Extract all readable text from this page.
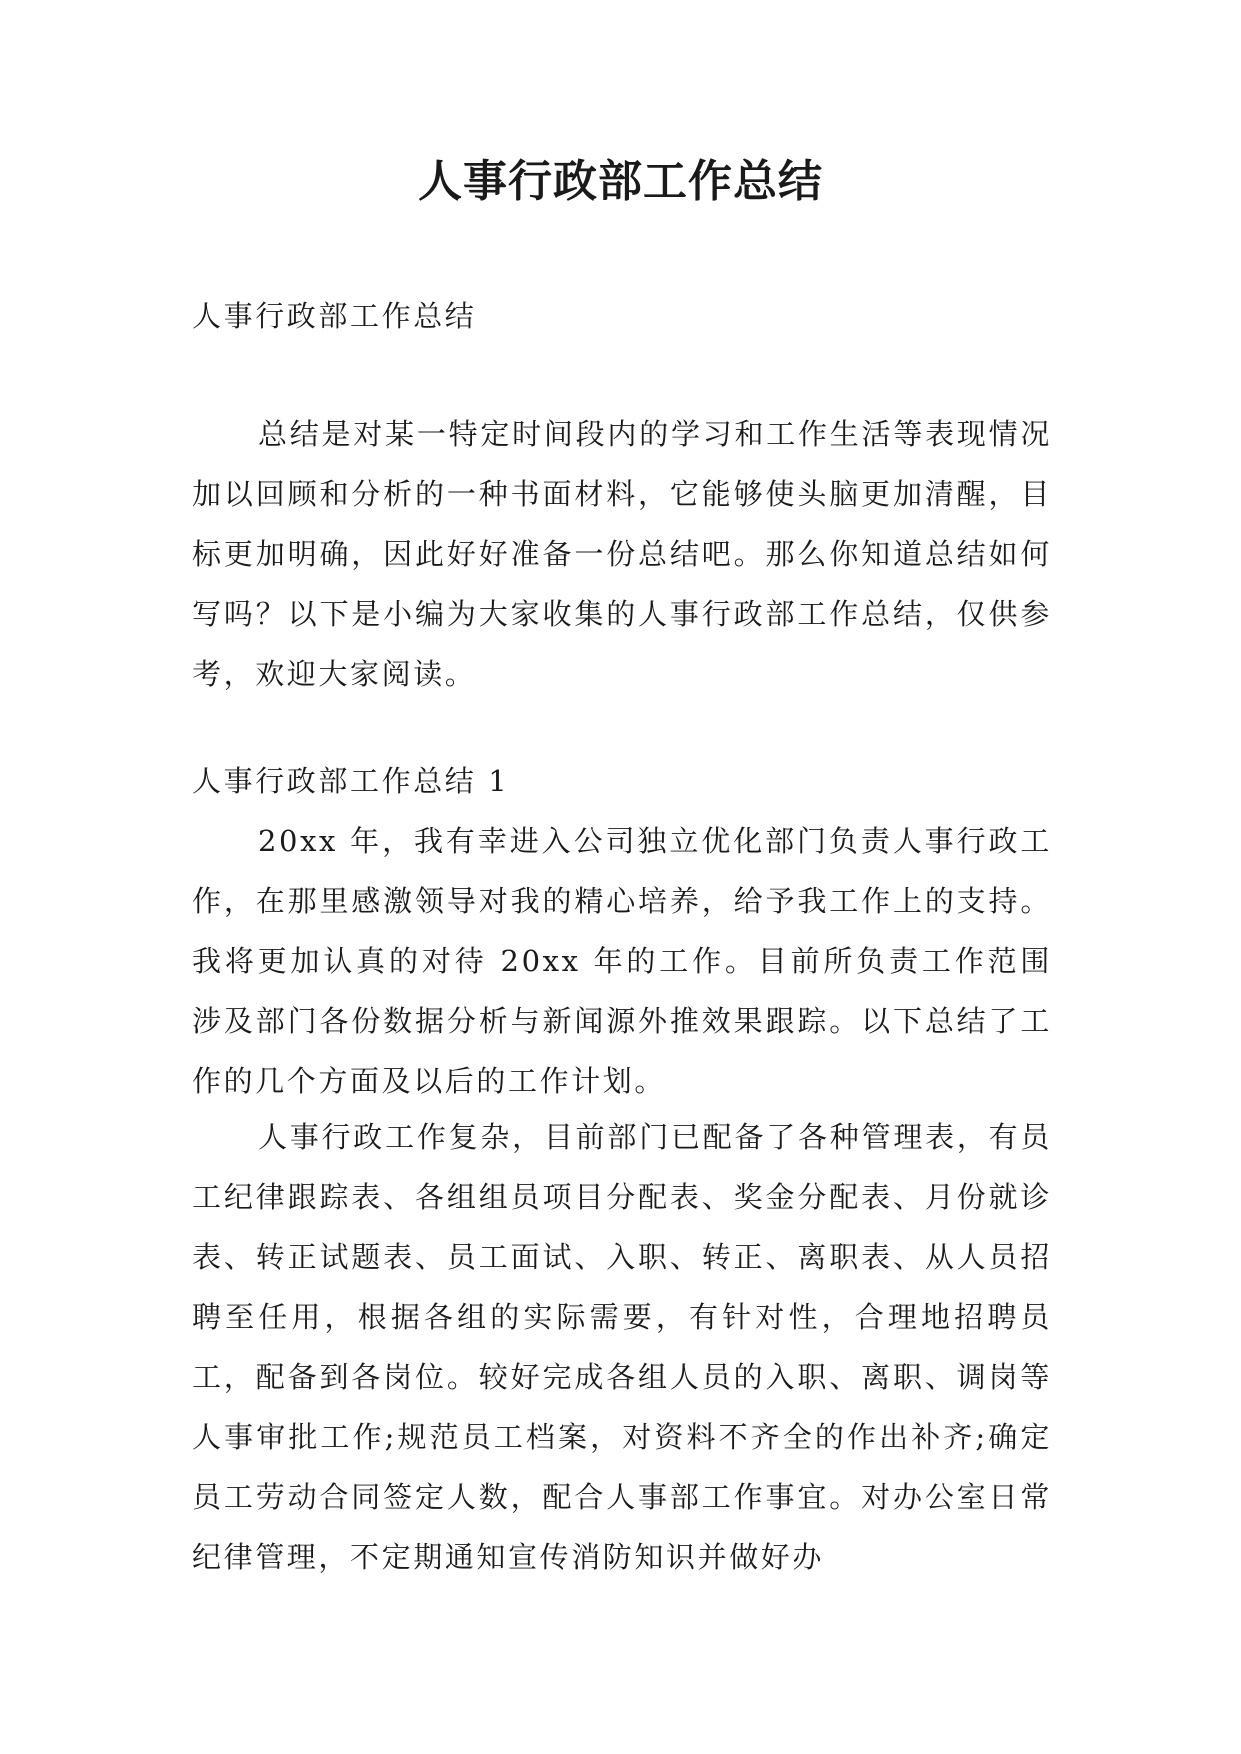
人事行政部工作总结

人事行政部工作总结

总结是对某一特定时间段内的学习和工作生活等表现情况加以回顾和分析的一种书面材料，它能够使头脑更加清醒，目标更加明确，因此好好准备一份总结吧。那么你知道总结如何写吗？以下是小编为大家收集的人事行政部工作总结，仅供参考，欢迎大家阅读。

人事行政部工作总结 1

20xx 年，我有幸进入公司独立优化部门负责人事行政工作，在那里感激领导对我的精心培养，给予我工作上的支持。我将更加认真的对待 20xx 年的工作。目前所负责工作范围涉及部门各份数据分析与新闻源外推效果跟踪。以下总结了工作的几个方面及以后的工作计划。

人事行政工作复杂，目前部门已配备了各种管理表，有员工纪律跟踪表、各组组员项目分配表、奖金分配表、月份就诊表、转正试题表、员工面试、入职、转正、离职表、从人员招聘至任用，根据各组的实际需要，有针对性，合理地招聘员工，配备到各岗位。较好完成各组人员的入职、离职、调岗等人事审批工作;规范员工档案，对资料不齐全的作出补齐;确定员工劳动合同签定人数，配合人事部工作事宜。对办公室日常纪律管理，不定期通知宣传消防知识并做好办
